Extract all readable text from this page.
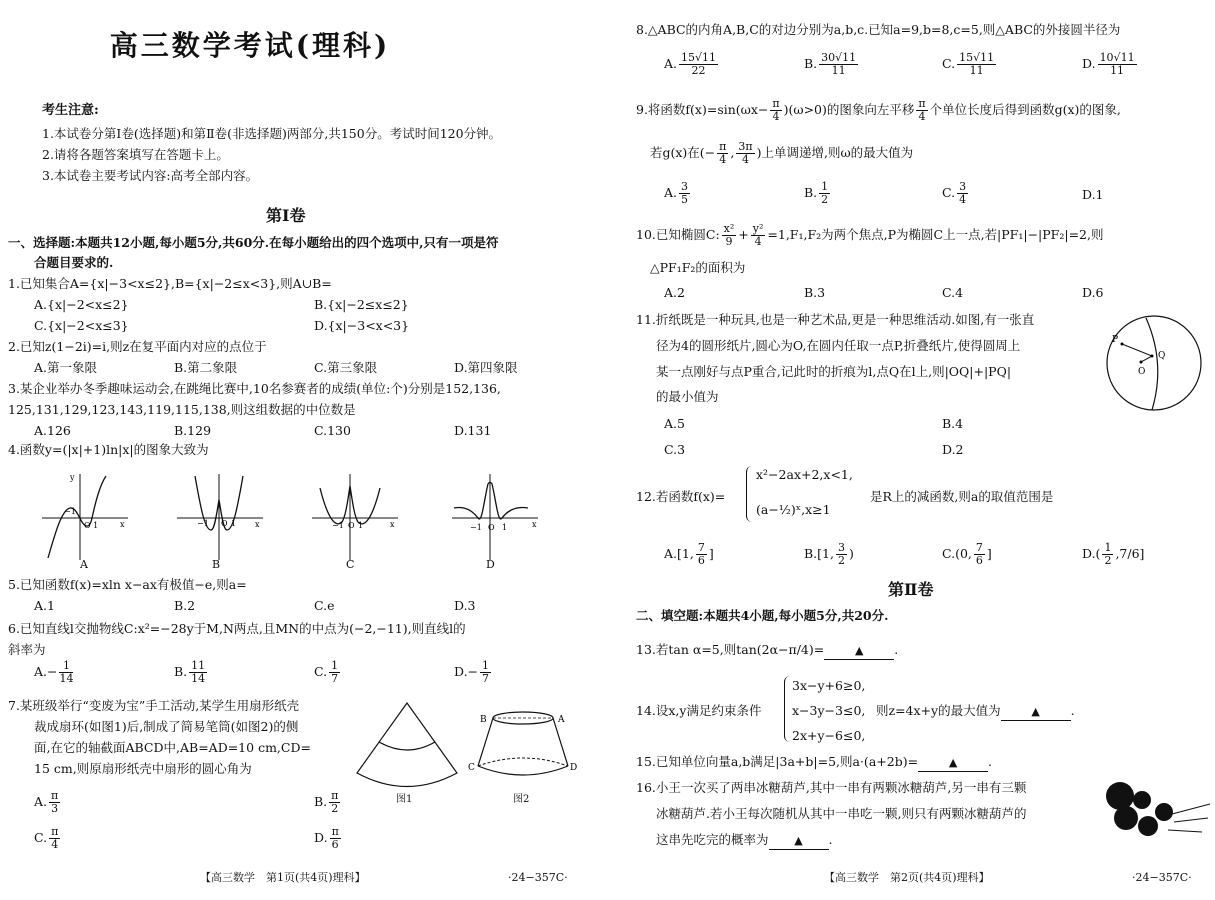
高三数学考试(理科)
考生注意:
1.本试卷分第Ⅰ卷(选择题)和第Ⅱ卷(非选择题)两部分,共150分。考试时间120分钟。
2.请将各题答案填写在答题卡上。
3.本试卷主要考试内容:高考全部内容。
第Ⅰ卷
一、选择题:本题共12小题,每小题5分,共60分.在每小题给出的四个选项中,只有一项是符
合题目要求的.
1.已知集合A={x|−3<x≤2},B={x|−2≤x<3},则A∪B=
A.{x|−2<x≤2}	B.{x|−2≤x≤2}
C.{x|−2<x≤3}	D.{x|−3<x<3}
2.已知z(1−2i)=i,则z在复平面内对应的点位于
A.第一象限	B.第二象限	C.第三象限	D.第四象限
3.某企业举办冬季趣味运动会,在跳绳比赛中,10名参赛者的成绩(单位:个)分别是152,136,
125,131,129,123,143,119,115,138,则这组数据的中位数是
A.126	B.129	C.130	D.131
4.函数y=(|x|+1)ln|x|的图象大致为
−1
O 1	x
y
A
−1 O 1 x
B
−1 O 1	x
C
−1 O 1	x
D
5.已知函数f(x)=xln x−ax有极值−e,则a=
A.1	B.2	C.e	D.3
6.已知直线l交抛物线C:x²=−28y于M,N两点,且MN的中点为(−2,−11),则直线l的
斜率为
$A.- \frac{1}{14}$	B. $\frac{11}{14}$	C. $\frac{1}{7}$	$D.- \frac{1}{7}$
7.某班级举行“变废为宝”手工活动,某学生用扇形纸壳
裁成扇环(如图1)后,制成了简易笔筒(如图2)的侧
面,在它的轴截面ABCD中,AB=AD=10 cm,CD=
15 cm,则原扇形纸壳中扇形的圆心角为
图1
B	A
C	D
图2
A. $\frac{\pi}{3}$	B. $\frac{\pi}{2}$
C. $\frac{\pi}{4}$	D. $\frac{\pi}{6}$
【高三数学　第1页(共4页)理科】	·24−357C·
8.△ABC的内角A,B,C的对边分别为a,b,c.已知a=9,b=8,c=5,则△ABC的外接圆半径为
A. $\frac{15√11}{22}$	B. $\frac{30√11}{11}$	C. $\frac{15√11}{11}$	D. $\frac{10√11}{11}$
9.将函数$f(x)=\sin(\omega x- \frac{\pi}{4} )(\omega>0)$的图象向左平移 $\frac{\pi}{4}$ 个单位长度后得到函数g(x)的图象,
若g(x)在(− $\frac{\pi}{4}$ , $\frac{3\pi}{4}$ )上单调递增,则ω的最大值为
A. $\frac{3}{5}$	B. $\frac{1}{2}$	C. $\frac{3}{4}$	D.1
10.已知椭圆C: $\frac{\text{x²}}{9} + \frac{\text{y²}}{4} =1,F_1,F_2$为两个焦点,P为椭圆C上一点,若|PF₁|−|PF₂|=2,则
△PF₁F₂的面积为
A.2	B.3	C.4	D.6
11.折纸既是一种玩具,也是一种艺术品,更是一种思维活动.如图,有一张直
径为4的圆形纸片,圆心为O,在圆内任取一点P,折叠纸片,使得圆周上
某一点刚好与点P重合,记此时的折痕为l,点Q在l上,则|OQ|+|PQ|
的最小值为
P
O
Q
A.5	B.4
C.3	D.2
12.若函数f(x)=
x²−2ax+2,x<1,
(a−½)ˣ,x≥1
是R上的减函数,则a的取值范围是
A.[1, $\frac{7}{6}$ ]	B.[1, $\frac{3}{2}$ )	C.(0, $\frac{7}{6}$ ]	$D.( \frac{1}{2} ,7/6]$
第Ⅱ卷
二、填空题:本题共4小题,每小题5分,共20分.
13.若tan α=5,则tan(2α−π/4)=	▲ .
14.设x,y满足约束条件
3x−y+6≥0,
x−3y−3≤0,
2x+y−6≤0,
则z=4x+y的最大值为	▲ .
15.已知单位向量a,b满足|3a+b|=5,则a·(a+2b)=	▲ .
16.小王一次买了两串冰糖葫芦,其中一串有两颗冰糖葫芦,另一串有三颗
冰糖葫芦.若小王每次随机从其中一串吃一颗,则只有两颗冰糖葫芦的
这串先吃完的概率为 ▲ .
【高三数学　第2页(共4页)理科】	·24−357C·
